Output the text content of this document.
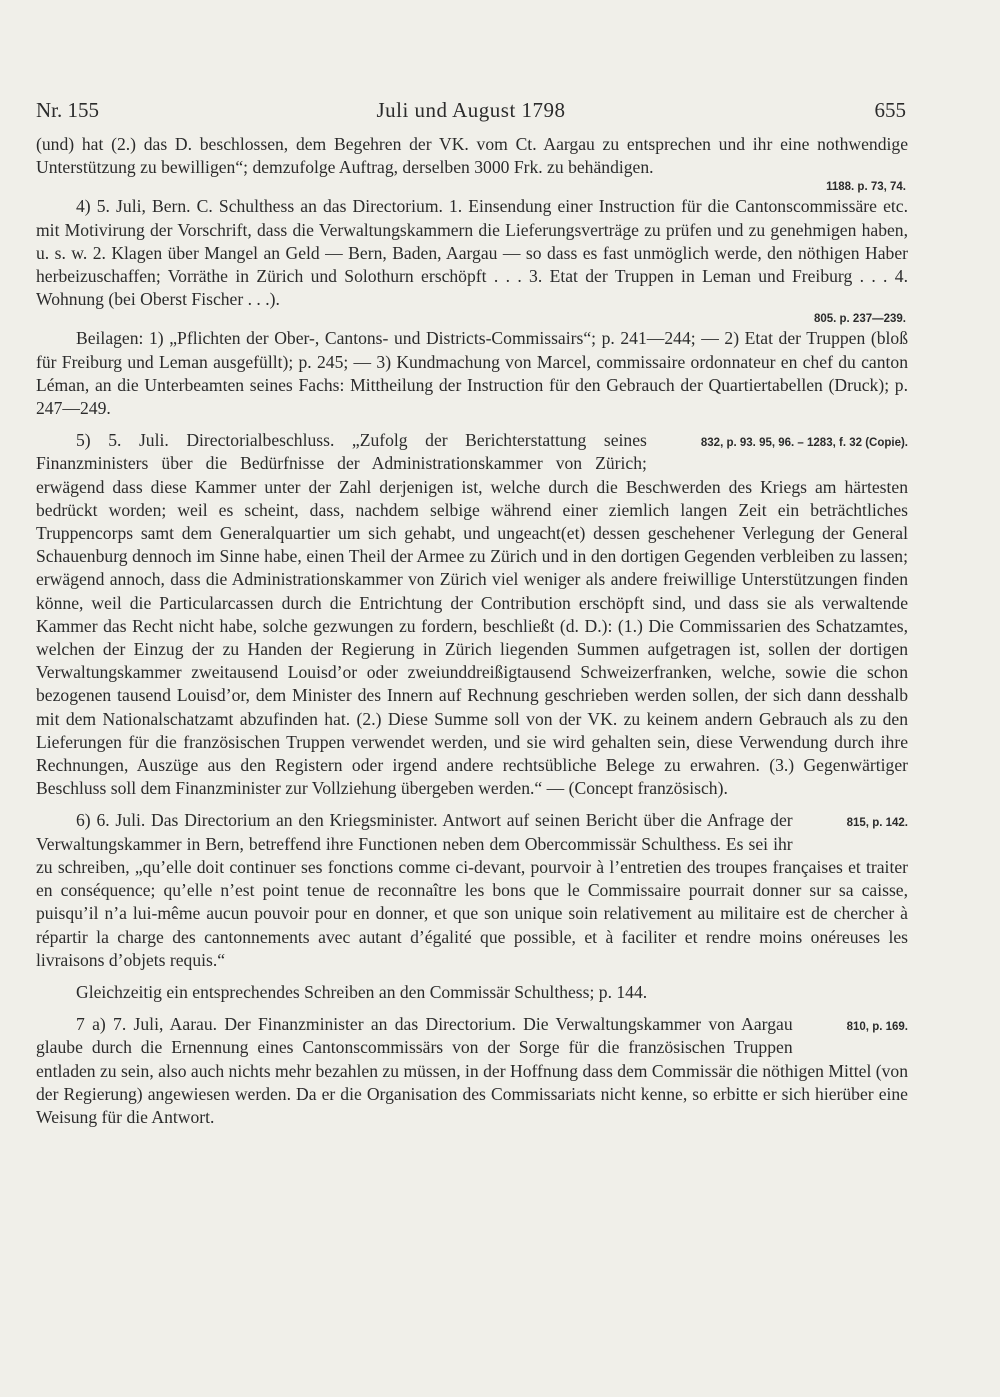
Juli und August 1798
Nr. 155	655

(und) hat (2.) das D. beschlossen, dem Begehren der VK. vom Ct. Aargau zu entsprechen und ihr eine nothwendige Unterstützung zu bewilligen“; demzufolge Auftrag, derselben 3000 Frk. zu behändigen.

1188. p. 73, 74.

4) 5. Juli, Bern. C. Schulthess an das Directorium. 1. Einsendung einer Instruction für die Cantonscommissäre etc. mit Motivirung der Vorschrift, dass die Verwaltungskammern die Lieferungsverträge zu prüfen und zu genehmigen haben, u. s. w. 2. Klagen über Mangel an Geld — Bern, Baden, Aargau — so dass es fast unmöglich werde, den nöthigen Haber herbeizuschaffen; Vorräthe in Zürich und Solothurn erschöpft . . . 3. Etat der Truppen in Leman und Freiburg . . . 4. Wohnung (bei Oberst Fischer . . .).

805. p. 237—239.

Beilagen: 1) „Pflichten der Ober-, Cantons- und Districts-Commissairs“; p. 241—244; — 2) Etat der Truppen (bloß für Freiburg und Leman ausgefüllt); p. 245; — 3) Kundmachung von Marcel, commissaire ordonnateur en chef du canton Léman, an die Unterbeamten seines Fachs: Mittheilung der Instruction für den Gebrauch der Quartiertabellen (Druck); p. 247—249.

832, p. 93. 95, 96. – 1283, f. 32 (Copie).
5) 5. Juli. Directorialbeschluss. „Zufolg der Berichterstattung seines Finanzministers über die Bedürfnisse der Administrationskammer von Zürich; erwägend dass diese Kammer unter der Zahl derjenigen ist, welche durch die Beschwerden des Kriegs am härtesten bedrückt worden; weil es scheint, dass, nachdem selbige während einer ziemlich langen Zeit ein beträchtliches Truppencorps samt dem Generalquartier um sich gehabt, und ungeacht(et) dessen geschehener Verlegung der General Schauenburg dennoch im Sinne habe, einen Theil der Armee zu Zürich und in den dortigen Gegenden verbleiben zu lassen; erwägend annoch, dass die Administrationskammer von Zürich viel weniger als andere freiwillige Unterstützungen finden könne, weil die Particularcassen durch die Entrichtung der Contribution erschöpft sind, und dass sie als verwaltende Kammer das Recht nicht habe, solche gezwungen zu fordern, beschließt (d. D.): (1.) Die Commissarien des Schatzamtes, welchen der Einzug der zu Handen der Regierung in Zürich liegenden Summen aufgetragen ist, sollen der dortigen Verwaltungskammer zweitausend Louisd’or oder zweiunddreißigtausend Schweizerfranken, welche, sowie die schon bezogenen tausend Louisd’or, dem Minister des Innern auf Rechnung geschrieben werden sollen, der sich dann desshalb mit dem Nationalschatzamt abzufinden hat. (2.) Diese Summe soll von der VK. zu keinem andern Gebrauch als zu den Lieferungen für die französischen Truppen verwendet werden, und sie wird gehalten sein, diese Verwendung durch ihre Rechnungen, Auszüge aus den Registern oder irgend andere rechtsübliche Belege zu erwahren. (3.) Gegenwärtiger Beschluss soll dem Finanzminister zur Vollziehung übergeben werden.“ — (Concept französisch).

815, p. 142.
6) 6. Juli. Das Directorium an den Kriegsminister. Antwort auf seinen Bericht über die Anfrage der Verwaltungskammer in Bern, betreffend ihre Functionen neben dem Obercommissär Schulthess. Es sei ihr zu schreiben, „qu’elle doit continuer ses fonctions comme ci-devant, pourvoir à l’entretien des troupes françaises et traiter en conséquence; qu’elle n’est point tenue de reconnaître les bons que le Commissaire pourrait donner sur sa caisse, puisqu’il n’a lui-même aucun pouvoir pour en donner, et que son unique soin relativement au militaire est de chercher à répartir la charge des cantonnements avec autant d’égalité que possible, et à faciliter et rendre moins onéreuses les livraisons d’objets requis.“

Gleichzeitig ein entsprechendes Schreiben an den Commissär Schulthess; p. 144.

810, p. 169.
7 a) 7. Juli, Aarau. Der Finanzminister an das Directorium. Die Verwaltungskammer von Aargau glaube durch die Ernennung eines Cantonscommissärs von der Sorge für die französischen Truppen entladen zu sein, also auch nichts mehr bezahlen zu müssen, in der Hoffnung dass dem Commissär die nöthigen Mittel (von der Regierung) angewiesen werden. Da er die Organisation des Commissariats nicht kenne, so erbitte er sich hierüber eine Weisung für die Antwort.
